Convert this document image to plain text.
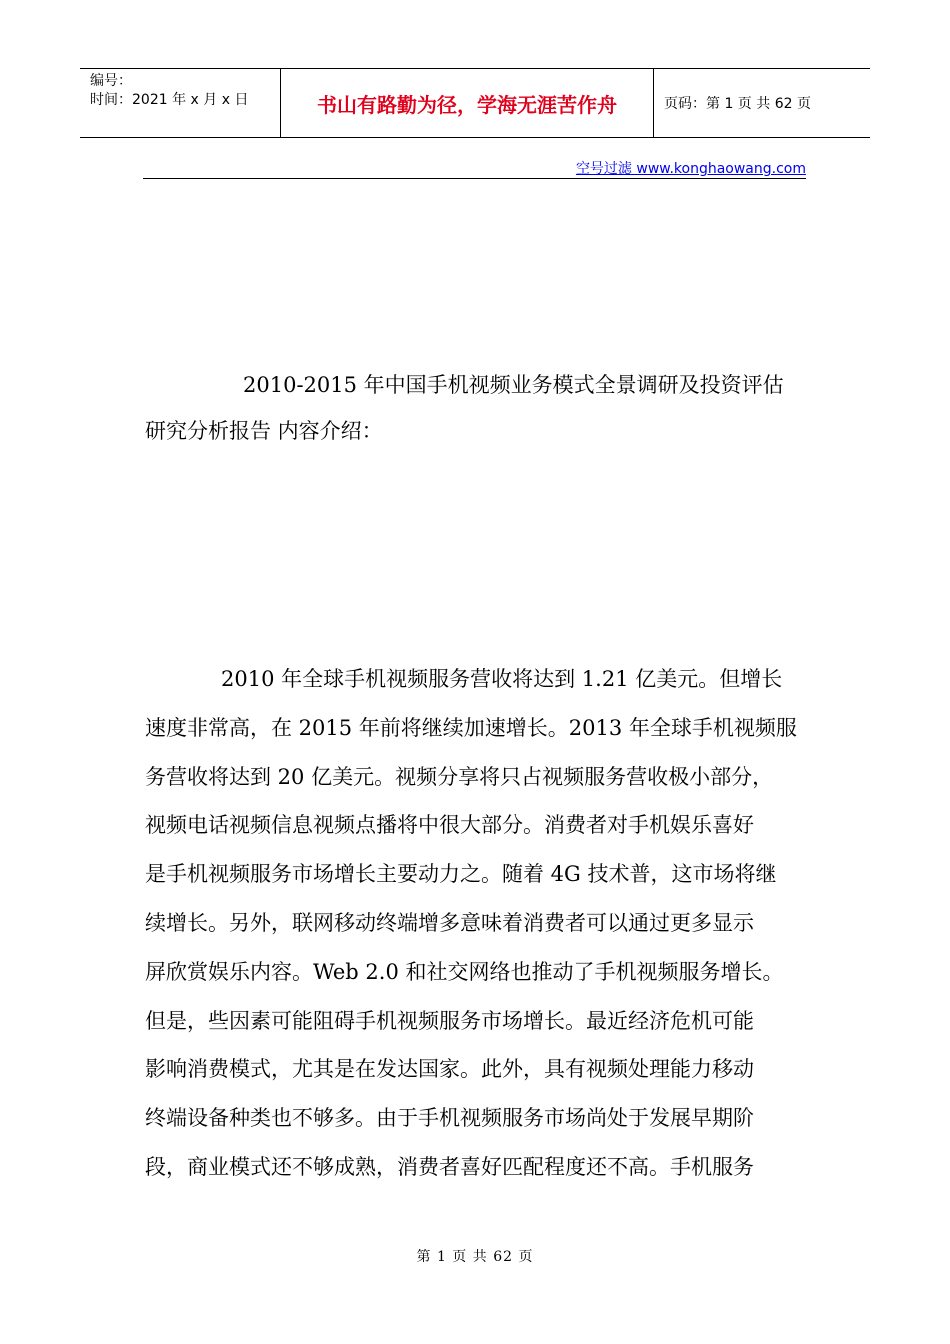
编号：
时间：2021 年 x 月 x 日	书山有路勤为径，学海无涯苦作舟	页码：第 1 页 共 62 页
空号过滤 www.konghaowang.com

2010-2015 年中国手机视频业务模式全景调研及投资评估

研究分析报告 内容介绍：

2010 年全球手机视频服务营收将达到 1.21 亿美元。但增长

速度非常高，在 2015 年前将继续加速增长。2013 年全球手机视频服

务营收将达到 20 亿美元。视频分享将只占视频服务营收极小部分，

视频电话视频信息视频点播将中很大部分。消费者对手机娱乐喜好

是手机视频服务市场增长主要动力之。随着 4G 技术普，这市场将继

续增长。另外，联网移动终端增多意味着消费者可以通过更多显示

屏欣赏娱乐内容。Web 2.0 和社交网络也推动了手机视频服务增长。

但是，些因素可能阻碍手机视频服务市场增长。最近经济危机可能

影响消费模式，尤其是在发达国家。此外，具有视频处理能力移动

终端设备种类也不够多。由于手机视频服务市场尚处于发展早期阶

段，商业模式还不够成熟，消费者喜好匹配程度还不高。手机服务

第 1 页 共 62 页
